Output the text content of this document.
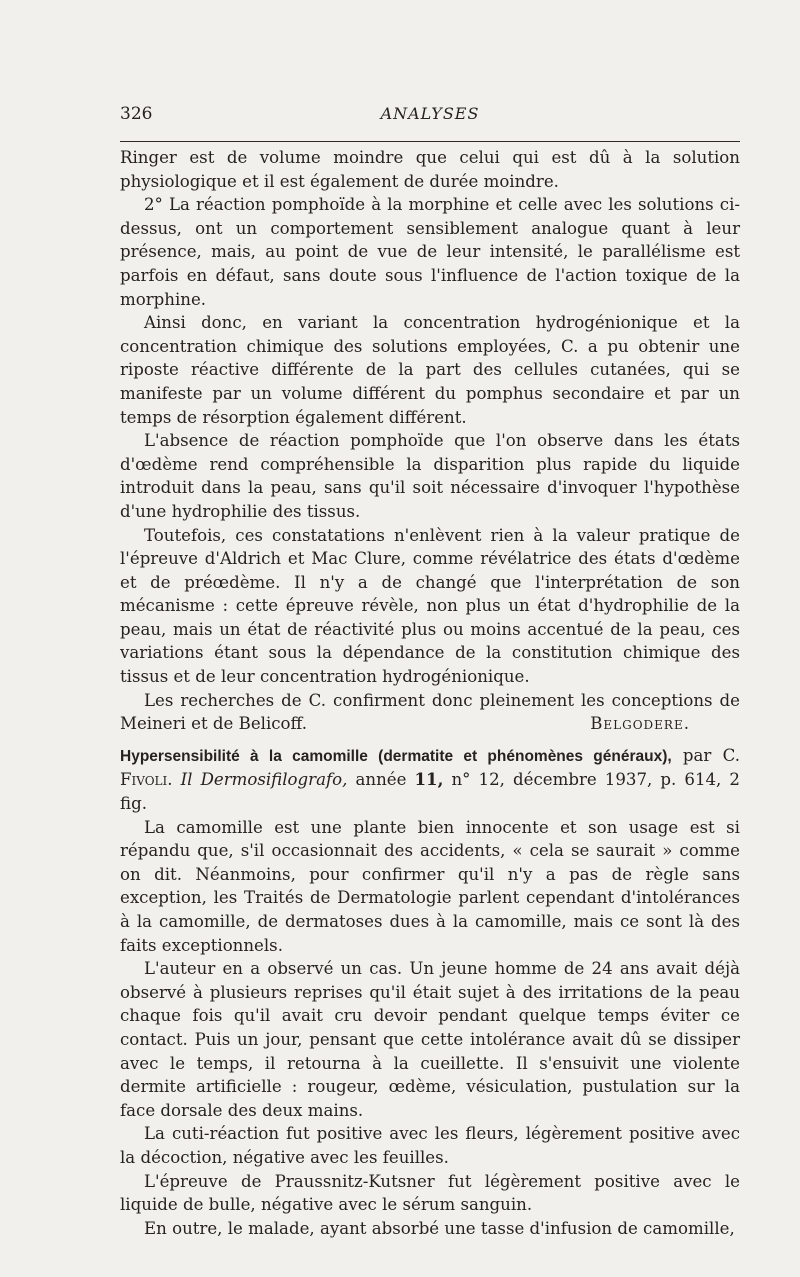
326	ANALYSES

Ringer est de volume moindre que celui qui est dû à la solution physiologique et il est également de durée moindre.

2° La réaction pomphoïde à la morphine et celle avec les solutions ci-dessus, ont un comportement sensiblement analogue quant à leur présence, mais, au point de vue de leur intensité, le parallélisme est parfois en défaut, sans doute sous l'influence de l'action toxique de la morphine.

Ainsi donc, en variant la concentration hydrogénionique et la concentration chimique des solutions employées, C. a pu obtenir une riposte réactive différente de la part des cellules cutanées, qui se manifeste par un volume différent du pomphus secondaire et par un temps de résorption également différent.

L'absence de réaction pomphoïde que l'on observe dans les états d'œdème rend compréhensible la disparition plus rapide du liquide introduit dans la peau, sans qu'il soit nécessaire d'invoquer l'hypothèse d'une hydrophilie des tissus.

Toutefois, ces constatations n'enlèvent rien à la valeur pratique de l'épreuve d'Aldrich et Mac Clure, comme révélatrice des états d'œdème et de préœdème. Il n'y a de changé que l'interprétation de son mécanisme : cette épreuve révèle, non plus un état d'hydrophilie de la peau, mais un état de réactivité plus ou moins accentué de la peau, ces variations étant sous la dépendance de la constitution chimique des tissus et de leur concentration hydrogénionique.

Les recherches de C. confirment donc pleinement les conceptions de Meineri et de Belicoff.	Belgodere.

Hypersensibilité à la camomille (dermatite et phénomènes généraux), par C. Fivoli. Il Dermosifilografo, année 11, n° 12, décembre 1937, p. 614, 2 fig.

La camomille est une plante bien innocente et son usage est si répandu que, s'il occasionnait des accidents, « cela se saurait » comme on dit. Néanmoins, pour confirmer qu'il n'y a pas de règle sans exception, les Traités de Dermatologie parlent cependant d'intolérances à la camomille, de dermatoses dues à la camomille, mais ce sont là des faits exceptionnels.

L'auteur en a observé un cas. Un jeune homme de 24 ans avait déjà observé à plusieurs reprises qu'il était sujet à des irritations de la peau chaque fois qu'il avait cru devoir pendant quelque temps éviter ce contact. Puis un jour, pensant que cette intolérance avait dû se dissiper avec le temps, il retourna à la cueillette. Il s'ensuivit une violente dermite artificielle : rougeur, œdème, vésiculation, pustulation sur la face dorsale des deux mains.

La cuti-réaction fut positive avec les fleurs, légèrement positive avec la décoction, négative avec les feuilles.

L'épreuve de Praussnitz-Kutsner fut légèrement positive avec le liquide de bulle, négative avec le sérum sanguin.

En outre, le malade, ayant absorbé une tasse d'infusion de camomille,
